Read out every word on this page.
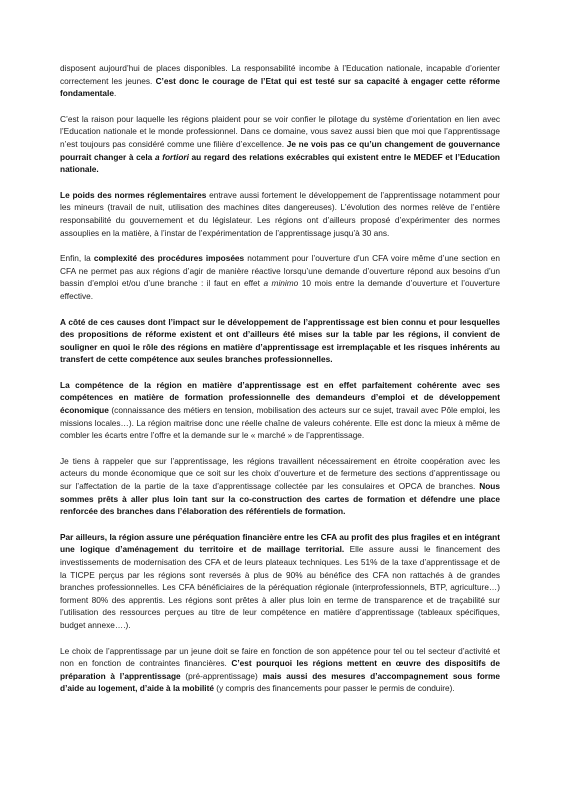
disposent aujourd’hui de places disponibles. La responsabilité incombe à l’Education nationale, incapable d’orienter correctement les jeunes. C’est donc le courage de l’Etat qui est testé sur sa capacité à engager cette réforme fondamentale.

C’est la raison pour laquelle les régions plaident pour se voir confier le pilotage du système d’orientation en lien avec l’Education nationale et le monde professionnel. Dans ce domaine, vous savez aussi bien que moi que l’apprentissage n’est toujours pas considéré comme une filière d’excellence. Je ne vois pas ce qu’un changement de gouvernance pourrait changer à cela a fortiori au regard des relations exécrables qui existent entre le MEDEF et l’Education nationale.

Le poids des normes réglementaires entrave aussi fortement le développement de l’apprentissage notamment pour les mineurs (travail de nuit, utilisation des machines dites dangereuses). L’évolution des normes relève de l’entière responsabilité du gouvernement et du législateur. Les régions ont d’ailleurs proposé d’expérimenter des normes assouplies en la matière, à l’instar de l’expérimentation de l’apprentissage jusqu’à 30 ans.

Enfin, la complexité des procédures imposées notamment pour l’ouverture d’un CFA voire même d’une section en CFA ne permet pas aux régions d’agir de manière réactive lorsqu’une demande d’ouverture répond aux besoins d’un bassin d’emploi et/ou d’une branche : il faut en effet a minimo 10 mois entre la demande d’ouverture et l’ouverture effective.

A côté de ces causes dont l’impact sur le développement de l’apprentissage est bien connu et pour lesquelles des propositions de réforme existent et ont d’ailleurs été mises sur la table par les régions, il convient de souligner en quoi le rôle des régions en matière d’apprentissage est irremplaçable et les risques inhérents au transfert de cette compétence aux seules branches professionnelles.

La compétence de la région en matière d’apprentissage est en effet parfaitement cohérente avec ses compétences en matière de formation professionnelle des demandeurs d’emploi et de développement économique (connaissance des métiers en tension, mobilisation des acteurs sur ce sujet, travail avec Pôle emploi, les missions locales…). La région maitrise donc une réelle chaîne de valeurs cohérente. Elle est donc la mieux à même de combler les écarts entre l’offre et la demande sur le « marché » de l’apprentissage.

Je tiens à rappeler que sur l’apprentissage, les régions travaillent nécessairement en étroite coopération avec les acteurs du monde économique que ce soit sur les choix d’ouverture et de fermeture des sections d’apprentissage ou sur l’affectation de la partie de la taxe d’apprentissage collectée par les consulaires et OPCA de branches. Nous sommes prêts à aller plus loin tant sur la co-construction des cartes de formation et défendre une place renforcée des branches dans l’élaboration des référentiels de formation.

Par ailleurs, la région assure une péréquation financière entre les CFA au profit des plus fragiles et en intégrant une logique d’aménagement du territoire et de maillage territorial. Elle assure aussi le financement des investissements de modernisation des CFA et de leurs plateaux techniques. Les 51% de la taxe d’apprentissage et de la TICPE perçus par les régions sont reversés à plus de 90% au bénéfice des CFA non rattachés à de grandes branches professionnelles. Les CFA bénéficiaires de la péréquation régionale (interprofessionnels, BTP, agriculture…) forment 80% des apprentis. Les régions sont prêtes à aller plus loin en terme de transparence et de traçabilité sur l’utilisation des ressources perçues au titre de leur compétence en matière d’apprentissage (tableaux spécifiques, budget annexe….).

Le choix de l’apprentissage par un jeune doit se faire en fonction de son appétence pour tel ou tel secteur d’activité et non en fonction de contraintes financières. C’est pourquoi les régions mettent en œuvre des dispositifs de préparation à l’apprentissage (pré-apprentissage) mais aussi des mesures d’accompagnement sous forme d’aide au logement, d’aide à la mobilité (y compris des financements pour passer le permis de conduire).
